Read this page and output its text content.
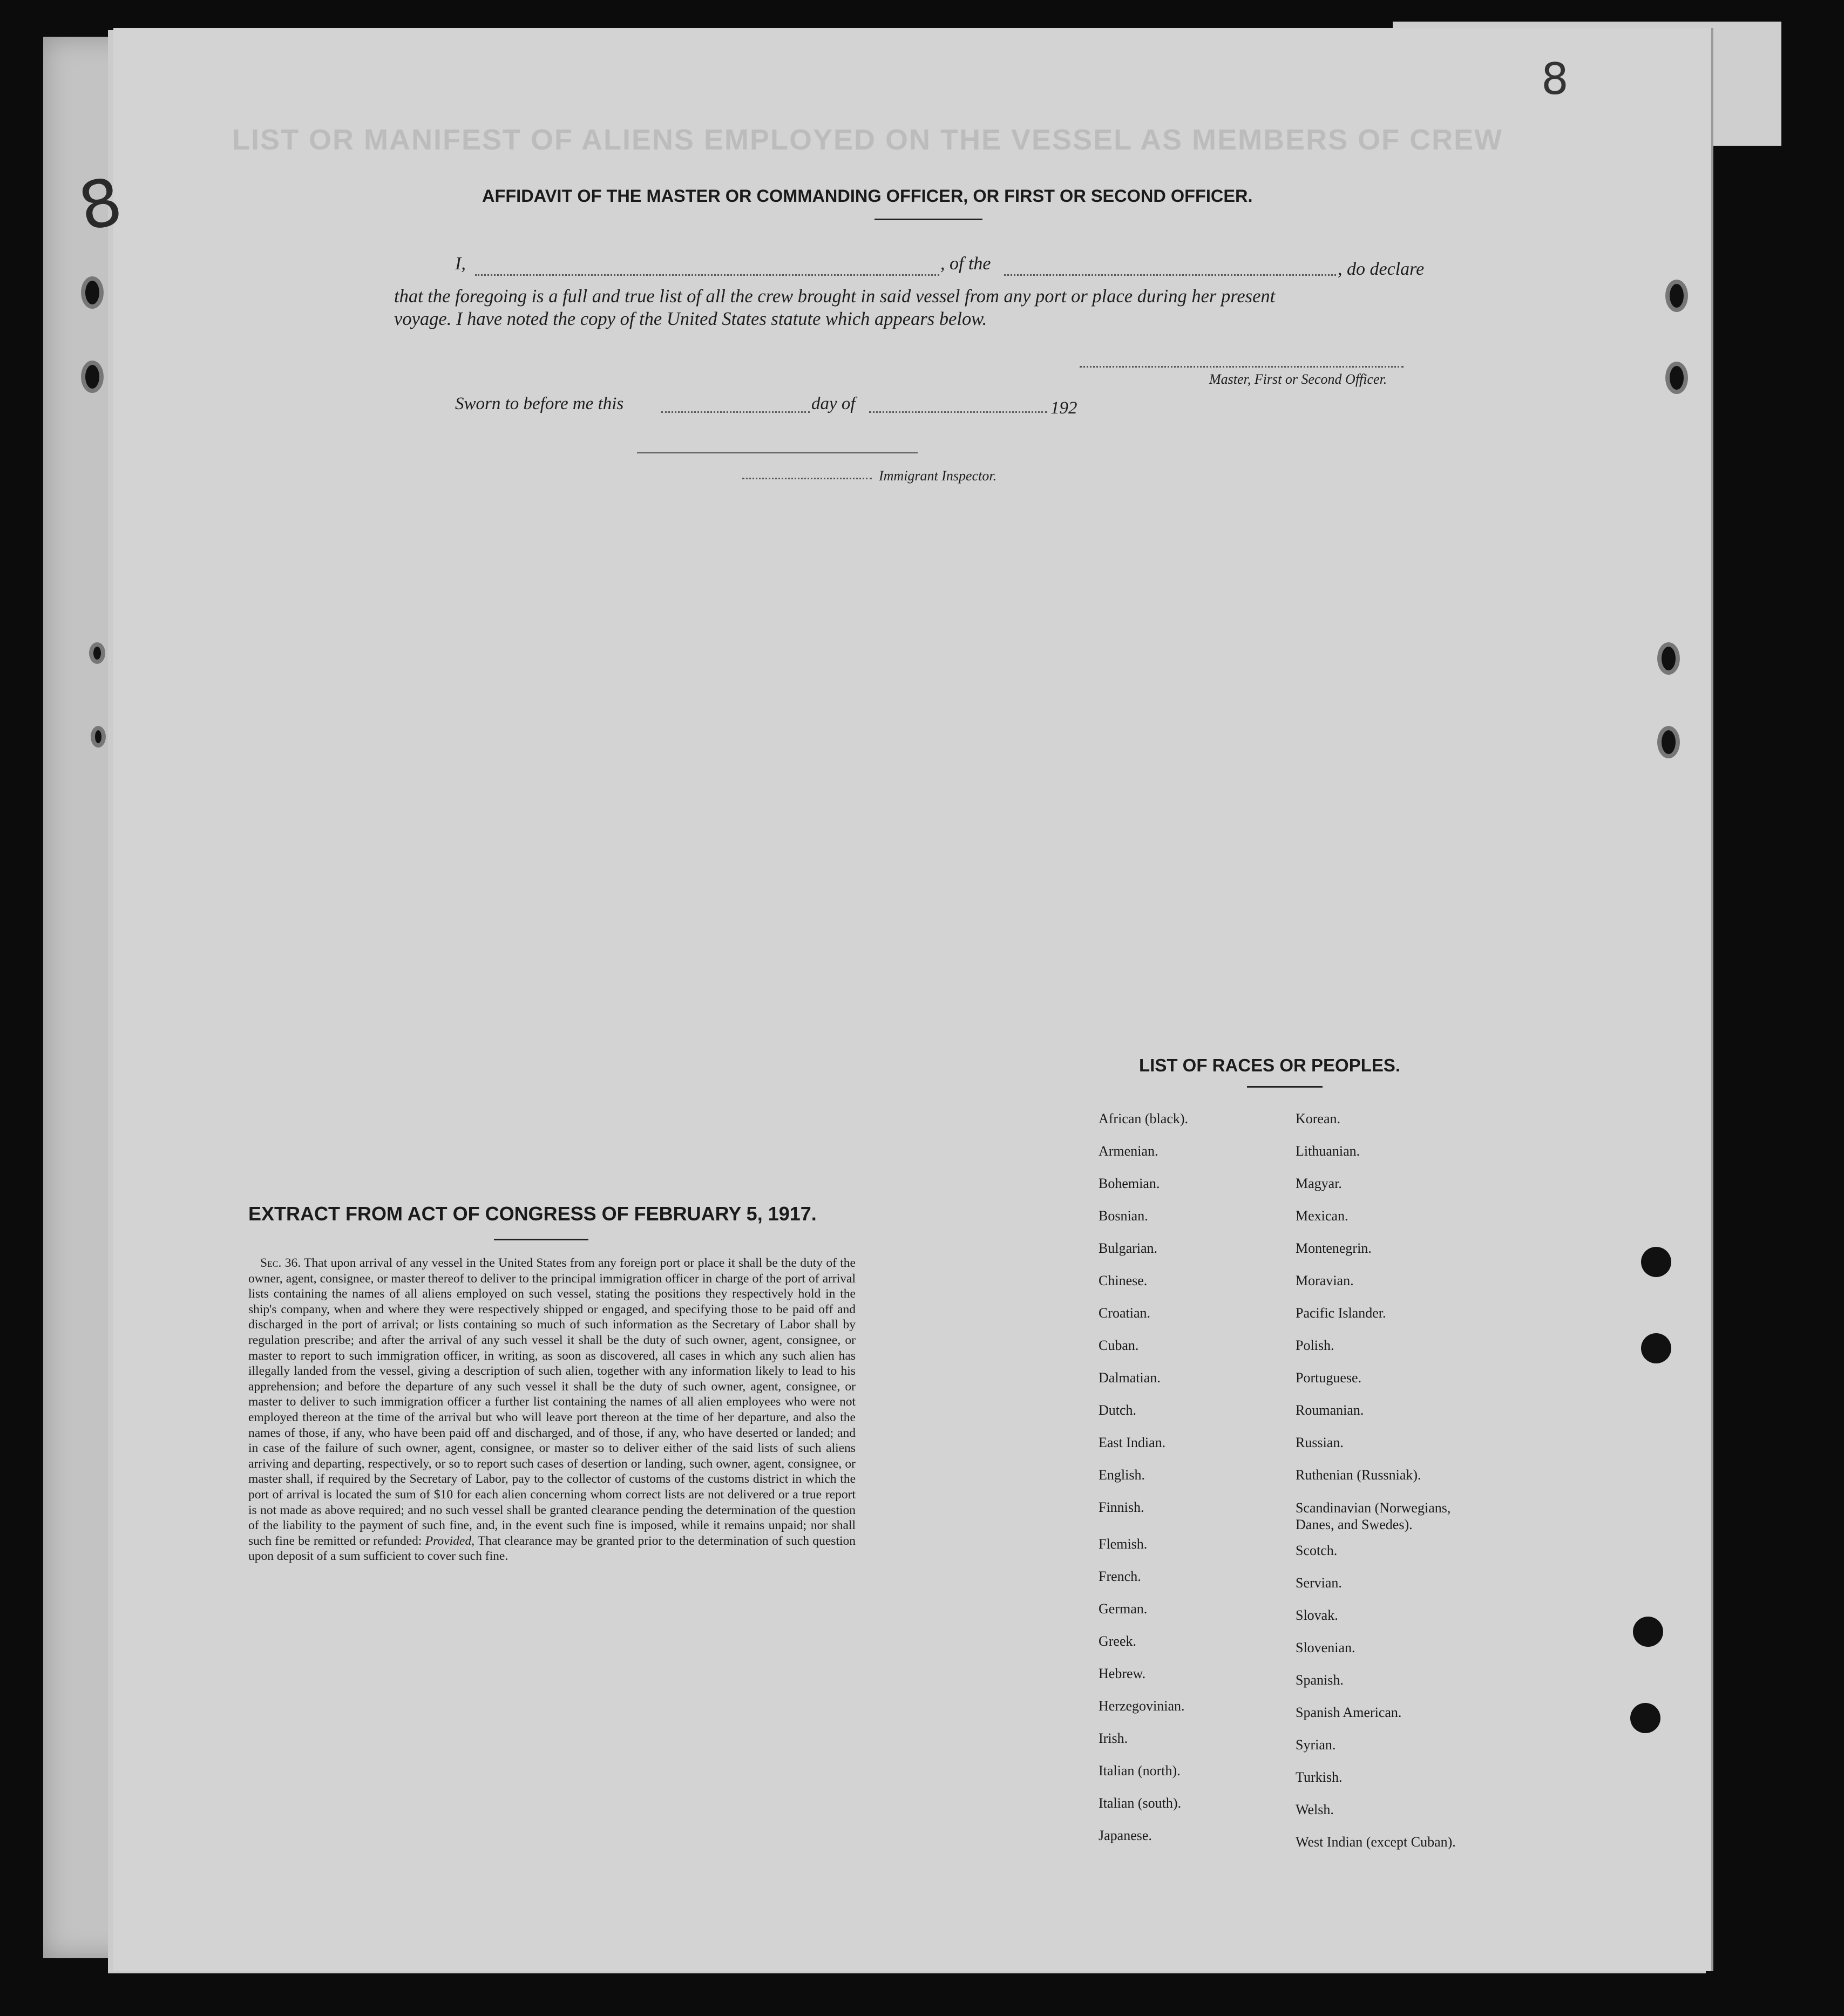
8
8
LIST OR MANIFEST OF ALIENS EMPLOYED ON THE VESSEL AS MEMBERS OF CREW
AFFIDAVIT OF THE MASTER OR COMMANDING OFFICER, OR FIRST OR SECOND OFFICER.
I,	, of the	, do declare
that the foregoing is a full and true list of all the crew brought in said vessel from any port or place during her present
voyage. I have noted the copy of the United States statute which appears below.
Master, First or Second Officer.
Sworn to before me this	day of	192
Immigrant Inspector.
EXTRACT FROM ACT OF CONGRESS OF FEBRUARY 5, 1917.
Sec. 36. That upon arrival of any vessel in the United States from any foreign port or place it shall be the duty of the owner, agent, consignee, or master thereof to deliver to the principal immigration officer in charge of the port of arrival lists containing the names of all aliens employed on such vessel, stating the positions they respectively hold in the ship's company, when and where they were respectively shipped or engaged, and specifying those to be paid off and discharged in the port of arrival; or lists containing so much of such information as the Secretary of Labor shall by regulation prescribe; and after the arrival of any such vessel it shall be the duty of such owner, agent, consignee, or master to report to such immigration officer, in writing, as soon as discovered, all cases in which any such alien has illegally landed from the vessel, giving a description of such alien, together with any information likely to lead to his apprehension; and before the departure of any such vessel it shall be the duty of such owner, agent, consignee, or master to deliver to such immigration officer a further list containing the names of all alien employees who were not employed thereon at the time of the arrival but who will leave port thereon at the time of her departure, and also the names of those, if any, who have been paid off and discharged, and of those, if any, who have deserted or landed; and in case of the failure of such owner, agent, consignee, or master so to deliver either of the said lists of such aliens arriving and departing, respectively, or so to report such cases of desertion or landing, such owner, agent, consignee, or master shall, if required by the Secretary of Labor, pay to the collector of customs of the customs district in which the port of arrival is located the sum of $10 for each alien concerning whom correct lists are not delivered or a true report is not made as above required; and no such vessel shall be granted clearance pending the determination of the question of the liability to the payment of such fine, and, in the event such fine is imposed, while it remains unpaid; nor shall such fine be remitted or refunded: Provided, That clearance may be granted prior to the determination of such question upon deposit of a sum sufficient to cover such fine.
LIST OF RACES OR PEOPLES.
African (black).
Armenian.
Bohemian.
Bosnian.
Bulgarian.
Chinese.
Croatian.
Cuban.
Dalmatian.
Dutch.
East Indian.
English.
Finnish.
Flemish.
French.
German.
Greek.
Hebrew.
Herzegovinian.
Irish.
Italian (north).
Italian (south).
Japanese.
Korean.
Lithuanian.
Magyar.
Mexican.
Montenegrin.
Moravian.
Pacific Islander.
Polish.
Portuguese.
Roumanian.
Russian.
Ruthenian (Russniak).
Scandinavian (Norwegians, Danes, and Swedes).
Scotch.
Servian.
Slovak.
Slovenian.
Spanish.
Spanish American.
Syrian.
Turkish.
Welsh.
West Indian (except Cuban).
